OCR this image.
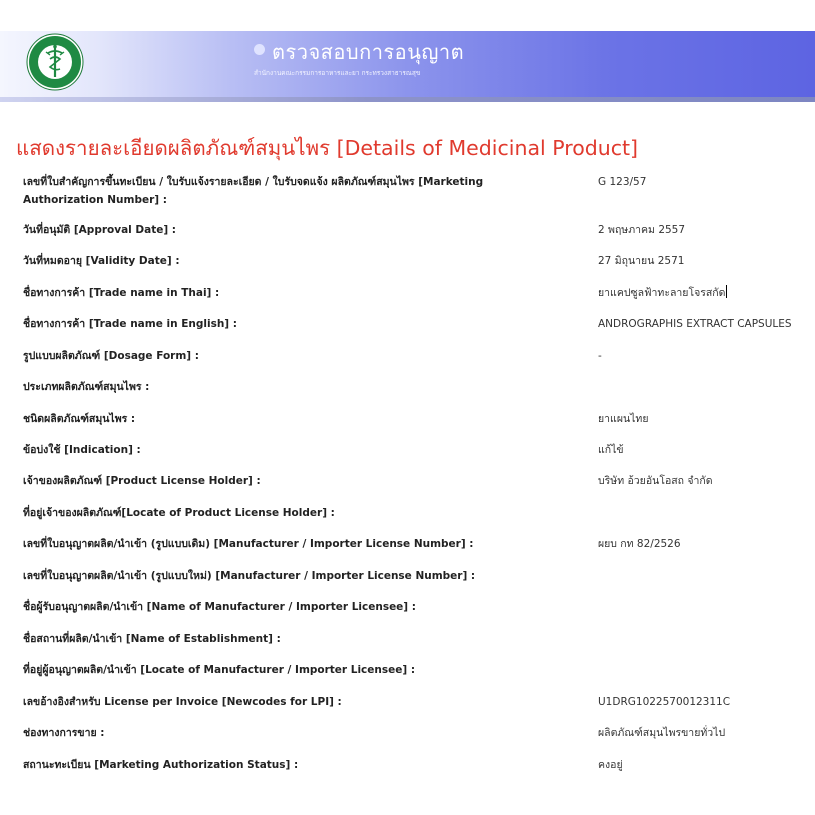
ตรวจสอบการอนุญาต
สำนักงานคณะกรรมการอาหารและยา กระทรวงสาธารณสุข
แสดงรายละเอียดผลิตภัณฑ์สมุนไพร [Details of Medicinal Product]
เลขที่ใบสำคัญการขึ้นทะเบียน / ใบรับแจ้งรายละเอียด / ใบรับจดแจ้ง ผลิตภัณฑ์สมุนไพร [Marketing Authorization Number] :
G 123/57
วันที่อนุมัติ [Approval Date] :	2 พฤษภาคม 2557
วันที่หมดอายุ [Validity Date] :	27 มิถุนายน 2571
ชื่อทางการค้า [Trade name in Thai] :	ยาแคปซูลฟ้าทะลายโจรสกัด
ชื่อทางการค้า [Trade name in English] :	ANDROGRAPHIS EXTRACT CAPSULES
รูปแบบผลิตภัณฑ์ [Dosage Form] :	-
ประเภทผลิตภัณฑ์สมุนไพร :
ชนิดผลิตภัณฑ์สมุนไพร :	ยาแผนไทย
ข้อบ่งใช้ [Indication] :	แก้ไข้
เจ้าของผลิตภัณฑ์ [Product License Holder] :	บริษัท อ้วยอันโอสถ จำกัด
ที่อยู่เจ้าของผลิตภัณฑ์[Locate of Product License Holder] :
เลขที่ใบอนุญาตผลิต/นำเข้า (รูปแบบเดิม) [Manufacturer / Importer License Number] :	ผยบ กท 82/2526
เลขที่ใบอนุญาตผลิต/นำเข้า (รูปแบบใหม่) [Manufacturer / Importer License Number] :
ชื่อผู้รับอนุญาตผลิต/นำเข้า [Name of Manufacturer / Importer Licensee] :
ชื่อสถานที่ผลิต/นำเข้า [Name of Establishment] :
ที่อยู่ผู้อนุญาตผลิต/นำเข้า [Locate of Manufacturer / Importer Licensee] :
เลขอ้างอิงสำหรับ License per Invoice [Newcodes for LPI] :	U1DRG1022570012311C
ช่องทางการขาย :	ผลิตภัณฑ์สมุนไพรขายทั่วไป
สถานะทะเบียน [Marketing Authorization Status] :	คงอยู่
